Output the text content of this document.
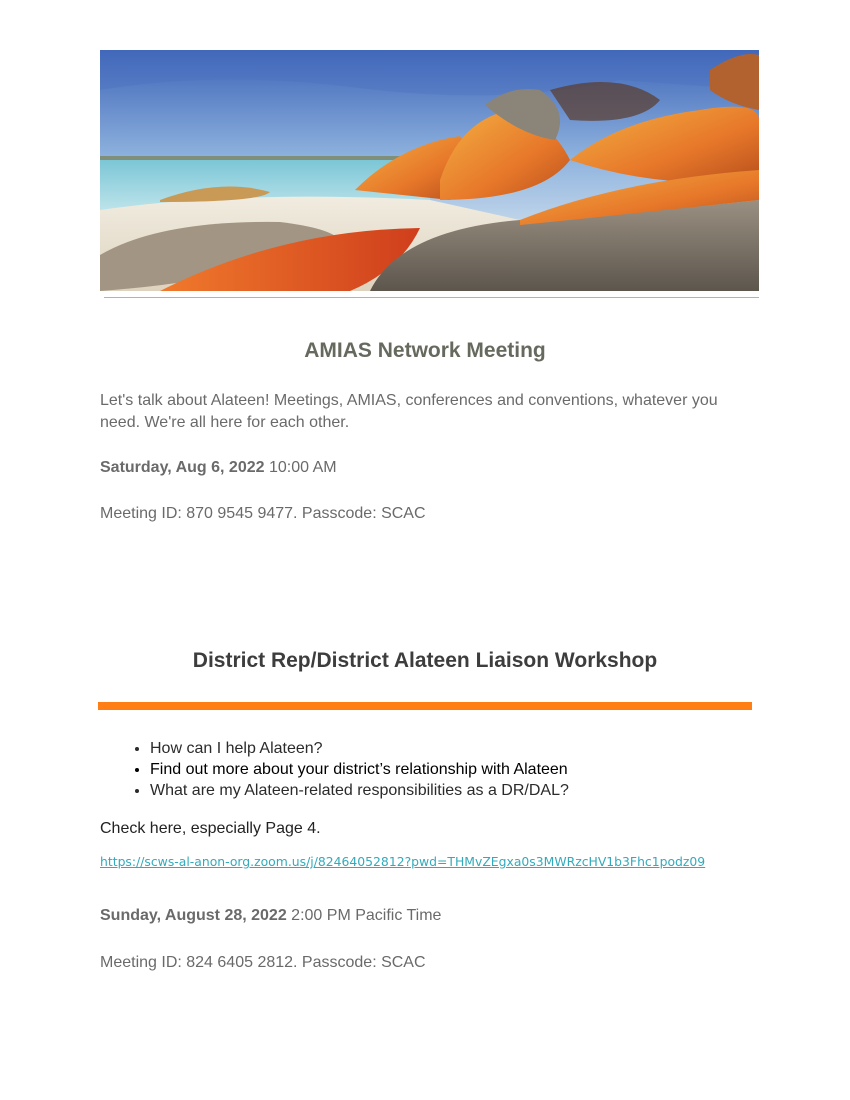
AMIAS Network Meeting

Let's talk about Alateen! Meetings, AMIAS, conferences and conventions, whatever you need. We're all here for each other.

Saturday, Aug 6, 2022 10:00 AM

Meeting ID: 870 9545 9477. Passcode: SCAC

District Rep/District Alateen Liaison Workshop
• How can I help Alateen?
• Find out more about your district’s relationship with Alateen
• What are my Alateen-related responsibilities as a DR/DAL?

Check here, especially Page 4.

https://scws-al-anon-org.zoom.us/j/82464052812?pwd=THMvZEgxa0s3MWRzcHV1b3Fhc1podz09

Sunday, August 28, 2022 2:00 PM Pacific Time

Meeting ID: 824 6405 2812. Passcode: SCAC
